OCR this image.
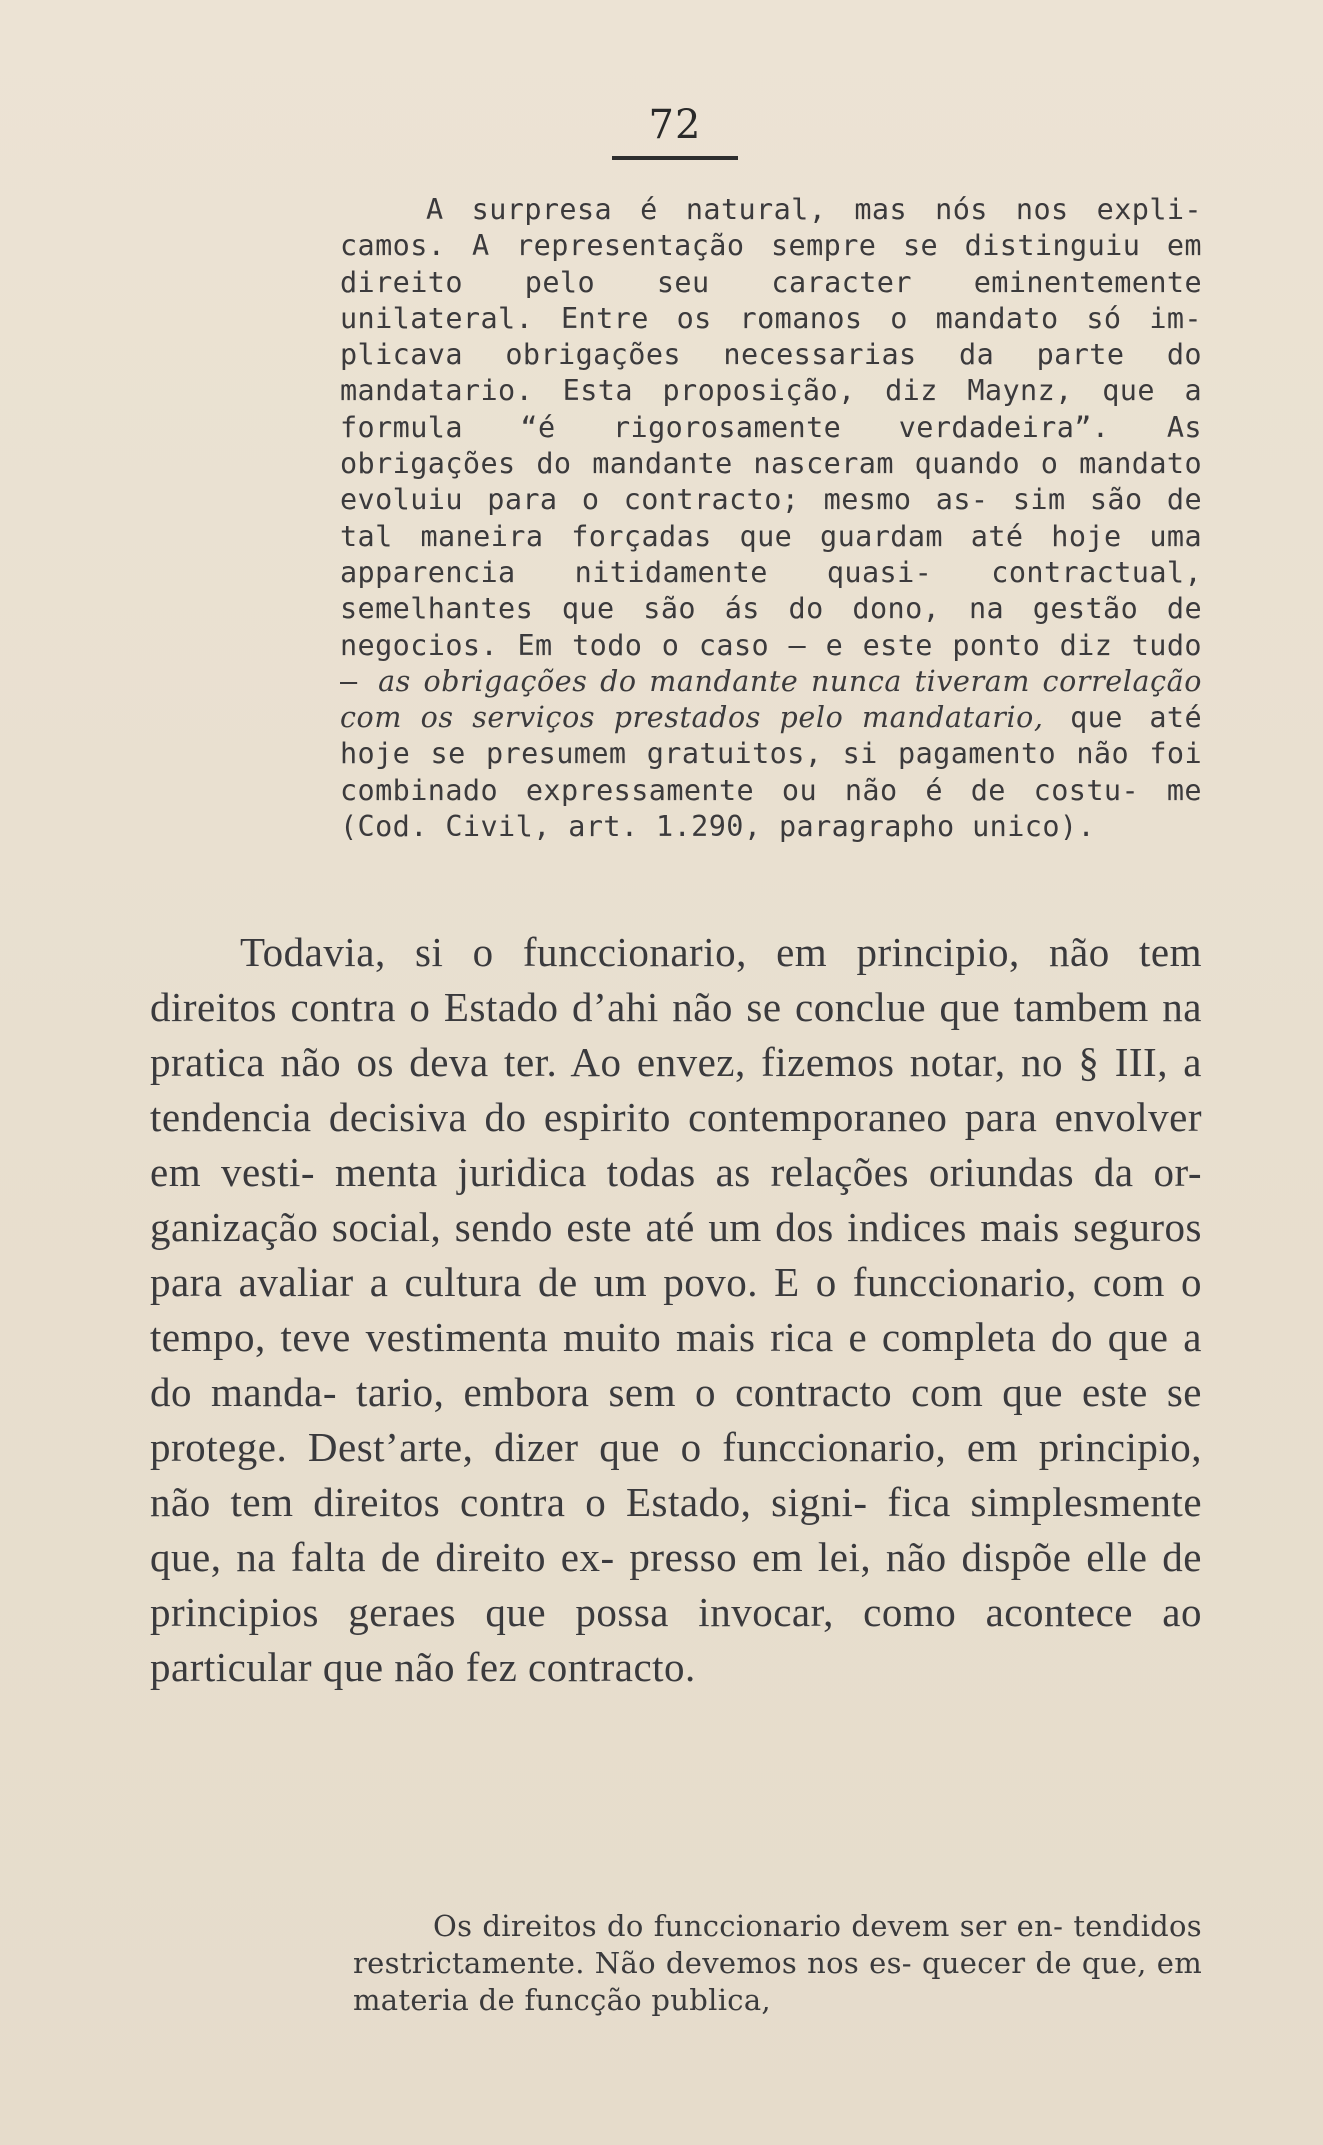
72

A surpresa é natural, mas nós nos expli- camos. A representação sempre se distinguiu em direito pelo seu caracter eminentemente unilateral. Entre os romanos o mandato só im- plicava obrigações necessarias da parte do mandatario. Esta proposição, diz Maynz, que a formula “é rigorosamente verdadeira”. As obrigações do mandante nasceram quando o mandato evoluiu para o contracto; mesmo as- sim são de tal maneira forçadas que guardam até hoje uma apparencia nitidamente quasi- contractual, semelhantes que são ás do dono, na gestão de negocios. Em todo o caso — e este ponto diz tudo — as obrigações do mandante nunca tiveram correlação com os serviços prestados pelo mandatario, que até hoje se presumem gratuitos, si pagamento não foi combinado expressamente ou não é de costu- me (Cod. Civil, art. 1.290, paragrapho unico).

Todavia, si o funccionario, em principio, não tem direitos contra o Estado d’ahi não se conclue que tambem na pratica não os deva ter. Ao envez, fizemos notar, no § III, a tendencia decisiva do espirito contemporaneo para envolver em vesti- menta juridica todas as relações oriundas da or- ganização social, sendo este até um dos indices mais seguros para avaliar a cultura de um povo. E o funccionario, com o tempo, teve vestimenta muito mais rica e completa do que a do manda- tario, embora sem o contracto com que este se protege. Dest’arte, dizer que o funccionario, em principio, não tem direitos contra o Estado, signi- fica simplesmente que, na falta de direito ex- presso em lei, não dispõe elle de principios geraes que possa invocar, como acontece ao particular que não fez contracto.

Os direitos do funccionario devem ser en- tendidos restrictamente. Não devemos nos es- quecer de que, em materia de funcção publica,
